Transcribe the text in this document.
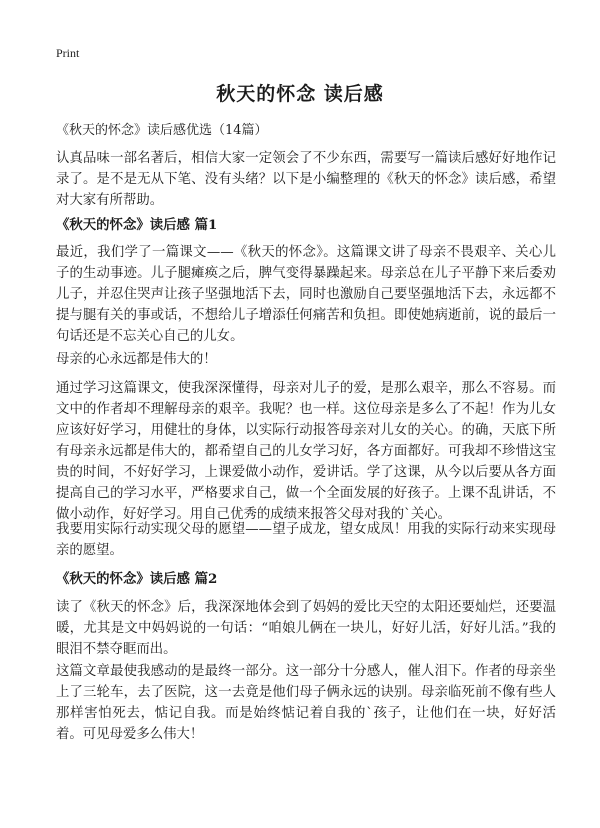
Print
秋天的怀念 读后感

《秋天的怀念》读后感优选（14篇）

认真品味一部名著后，相信大家一定领会了不少东西，需要写一篇读后感好好地作记录了。是不是无从下笔、没有头绪？以下是小编整理的《秋天的怀念》读后感，希望对大家有所帮助。

《秋天的怀念》读后感 篇1

最近，我们学了一篇课文——《秋天的怀念》。这篇课文讲了母亲不畏艰辛、关心儿子的生动事迹。儿子腿瘫痪之后，脾气变得暴躁起来。母亲总在儿子平静下来后委劝儿子，并忍住哭声让孩子坚强地活下去，同时也激励自己要坚强地活下去，永远都不提与腿有关的事或话，不想给儿子增添任何痛苦和负担。即使她病逝前，说的最后一句话还是不忘关心自己的儿女。

母亲的心永远都是伟大的！

通过学习这篇课文，使我深深懂得，母亲对儿子的爱，是那么艰辛，那么不容易。而文中的作者却不理解母亲的艰辛。我呢？也一样。这位母亲是多么了不起！作为儿女应该好好学习，用健壮的身体，以实际行动报答母亲对儿女的关心。的确，天底下所有母亲永远都是伟大的，都希望自己的儿女学习好，各方面都好。可我却不珍惜这宝贵的时间，不好好学习，上课爱做小动作，爱讲话。学了这课，从今以后要从各方面提高自己的学习水平，严格要求自己，做一个全面发展的好孩子。上课不乱讲话，不做小动作，好好学习。用自己优秀的成绩来报答父母对我的`关心。

我要用实际行动实现父母的愿望——望子成龙，望女成凤！用我的实际行动来实现母亲的愿望。

《秋天的怀念》读后感 篇2

读了《秋天的怀念》后，我深深地体会到了妈妈的爱比天空的太阳还要灿烂，还要温暖，尤其是文中妈妈说的一句话：“咱娘儿俩在一块儿，好好儿活，好好儿活。”我的眼泪不禁夺眶而出。

这篇文章最使我感动的是最终一部分。这一部分十分感人，催人泪下。作者的母亲坐上了三轮车，去了医院，这一去竟是他们母子俩永远的诀别。母亲临死前不像有些人那样害怕死去，惦记自我。而是始终惦记着自我的`孩子，让他们在一块，好好活着。可见母爱多么伟大！
